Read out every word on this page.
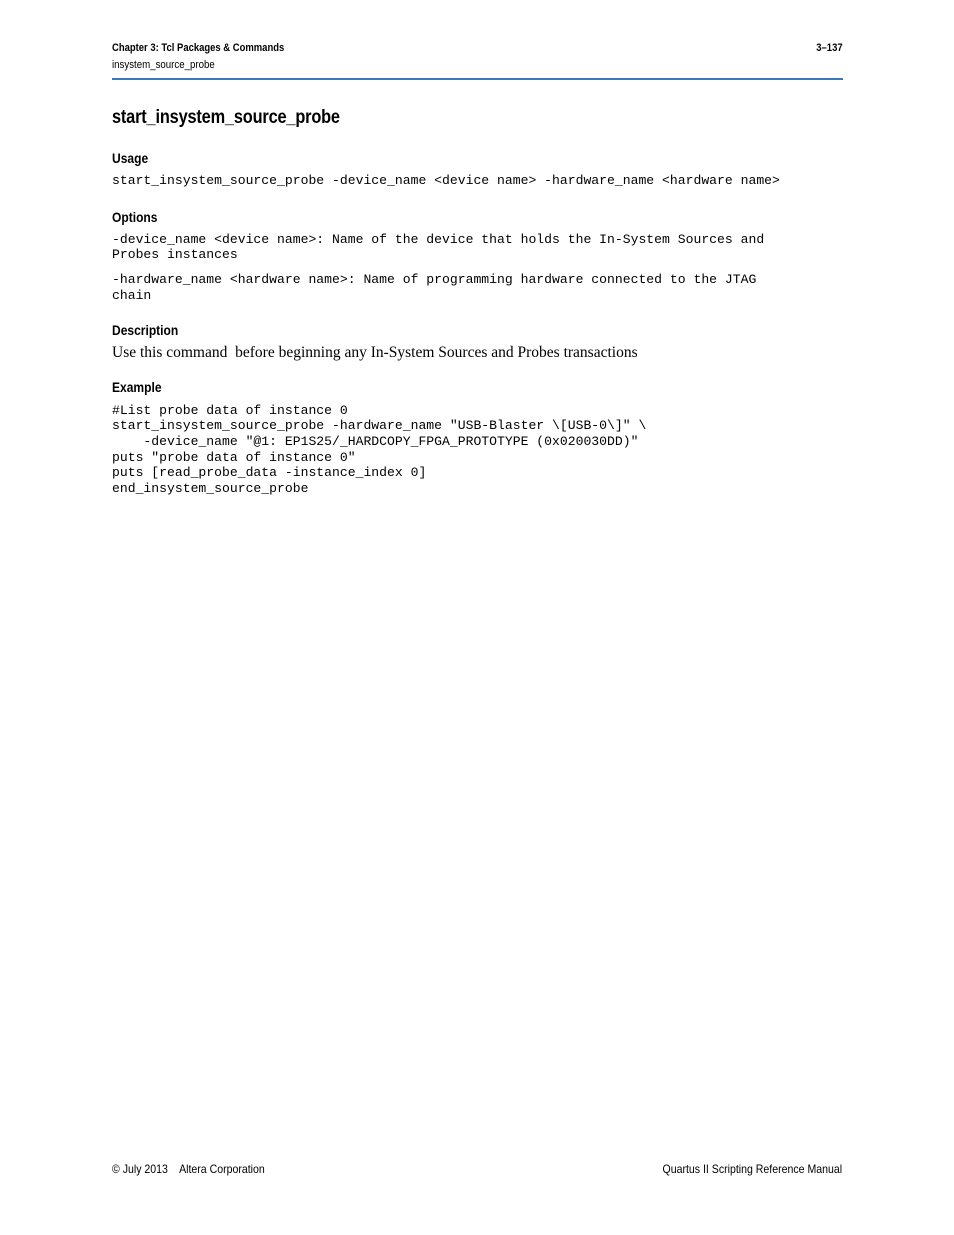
Chapter 3: Tcl Packages & Commands
insystem_source_probe
3–137
start_insystem_source_probe
Usage

start_insystem_source_probe -device_name <device name> -hardware_name <hardware name>

Options

-device_name <device name>: Name of the device that holds the In-System Sources and

Probes instances

-hardware_name <hardware name>: Name of programming hardware connected to the JTAG

chain

Description

Use this command  before beginning any In-System Sources and Probes transactions

Example

#List probe data of instance 0

start_insystem_source_probe -hardware_name "USB-Blaster \[USB-0\]" \

-device_name "@1: EP1S25/_HARDCOPY_FPGA_PROTOTYPE (0x020030DD)"

puts "probe data of instance 0"

puts [read_probe_data -instance_index 0]

end_insystem_source_probe

© July 2013    Altera Corporation	Quartus II Scripting Reference Manual
